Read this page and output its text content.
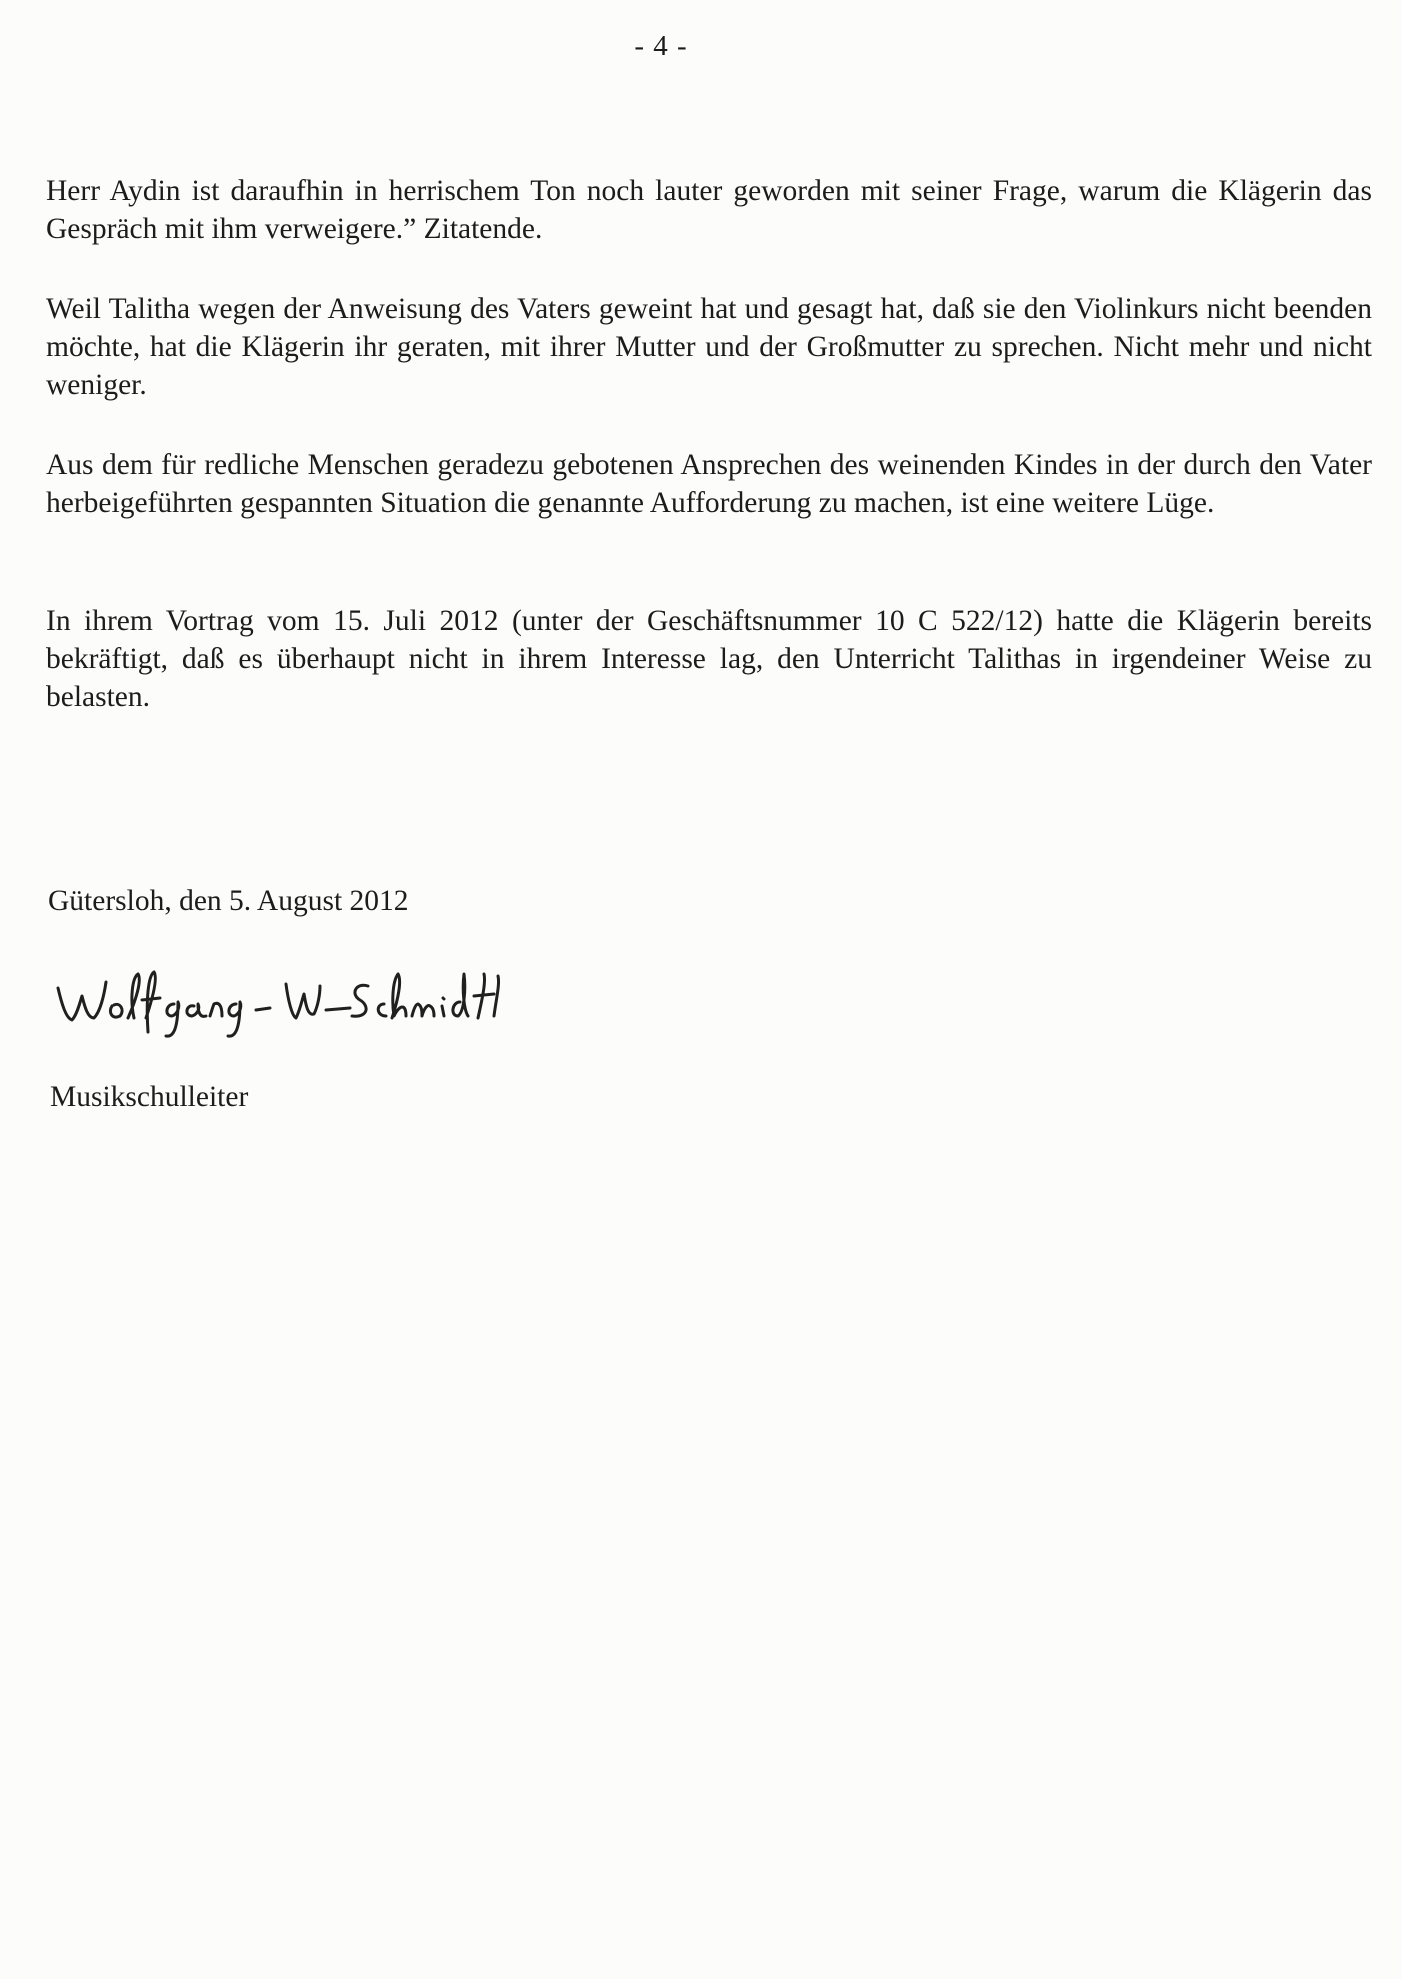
- 4 -
Herr Aydin ist daraufhin in herrischem Ton noch lauter geworden mit seiner Frage, warum die Klägerin das Gespräch mit ihm verweigere.” Zitatende.
Weil Talitha wegen der Anweisung des Vaters geweint hat und gesagt hat, daß sie den Violinkurs nicht beenden möchte, hat die Klägerin ihr geraten, mit ihrer Mutter und der Großmutter zu sprechen. Nicht mehr und nicht weniger.
Aus dem für redliche Menschen geradezu gebotenen Ansprechen des weinenden Kindes in der durch den Vater herbeigeführten gespannten Situation die genannte Aufforderung zu machen, ist eine weitere Lüge.
In ihrem Vortrag vom 15. Juli 2012 (unter der Geschäftsnummer 10 C 522/12) hatte die Klägerin bereits bekräftigt, daß es überhaupt nicht in ihrem Interesse lag, den Unterricht Talithas in irgendeiner Weise zu belasten.
Gütersloh, den 5. August 2012
Musikschulleiter
